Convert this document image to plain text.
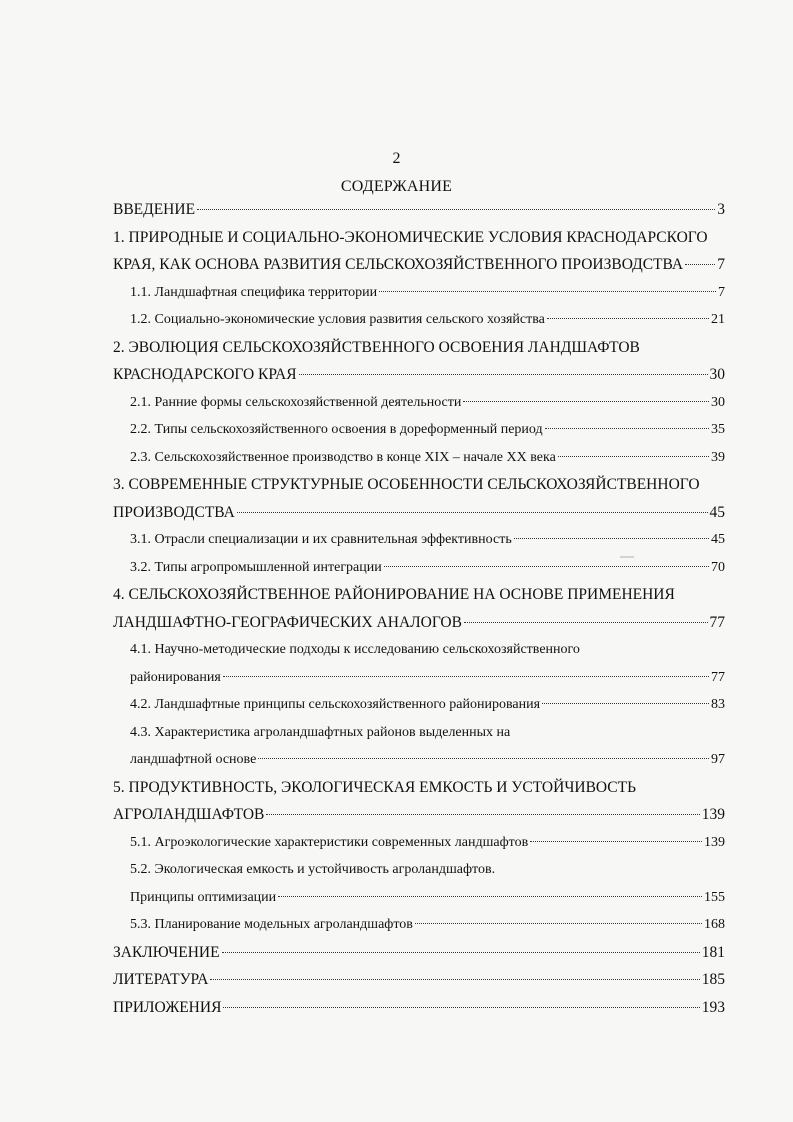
2
СОДЕРЖАНИЕ
ВВЕДЕНИЕ	3
1. ПРИРОДНЫЕ И СОЦИАЛЬНО-ЭКОНОМИЧЕСКИЕ УСЛОВИЯ КРАСНОДАРСКОГО
КРАЯ, КАК ОСНОВА РАЗВИТИЯ СЕЛЬСКОХОЗЯЙСТВЕННОГО ПРОИЗВОДСТВА 7
1.1. Ландшафтная специфика территории	7
1.2. Социально-экономические условия развития сельского хозяйства	21
2. ЭВОЛЮЦИЯ СЕЛЬСКОХОЗЯЙСТВЕННОГО ОСВОЕНИЯ ЛАНДШАФТОВ
КРАСНОДАРСКОГО КРАЯ	30
2.1. Ранние формы сельскохозяйственной деятельности	30
2.2. Типы сельскохозяйственного освоения в дореформенный период	35
2.3. Сельскохозяйственное производство в конце XIX – начале XX века	39
3. СОВРЕМЕННЫЕ СТРУКТУРНЫЕ ОСОБЕННОСТИ СЕЛЬСКОХОЗЯЙСТВЕННОГО
ПРОИЗВОДСТВА	45
3.1. Отрасли специализации и их сравнительная эффективность	45
3.2. Типы агропромышленной интеграции	70
4. СЕЛЬСКОХОЗЯЙСТВЕННОЕ РАЙОНИРОВАНИЕ НА ОСНОВЕ ПРИМЕНЕНИЯ
ЛАНДШАФТНО-ГЕОГРАФИЧЕСКИХ АНАЛОГОВ	77
4.1. Научно-методические подходы к исследованию сельскохозяйственного
районирования	77
4.2. Ландшафтные принципы сельскохозяйственного районирования	83
4.3. Характеристика агроландшафтных районов выделенных на
ландшафтной основе	97
5. ПРОДУКТИВНОСТЬ, ЭКОЛОГИЧЕСКАЯ ЕМКОСТЬ И УСТОЙЧИВОСТЬ
АГРОЛАНДШАФТОВ	139
5.1. Агроэкологические характеристики современных ландшафтов	139
5.2. Экологическая емкость и устойчивость агроландшафтов.
Принципы оптимизации	155
5.3. Планирование модельных агроландшафтов	168
ЗАКЛЮЧЕНИЕ	181
ЛИТЕРАТУРА	185
ПРИЛОЖЕНИЯ	193
